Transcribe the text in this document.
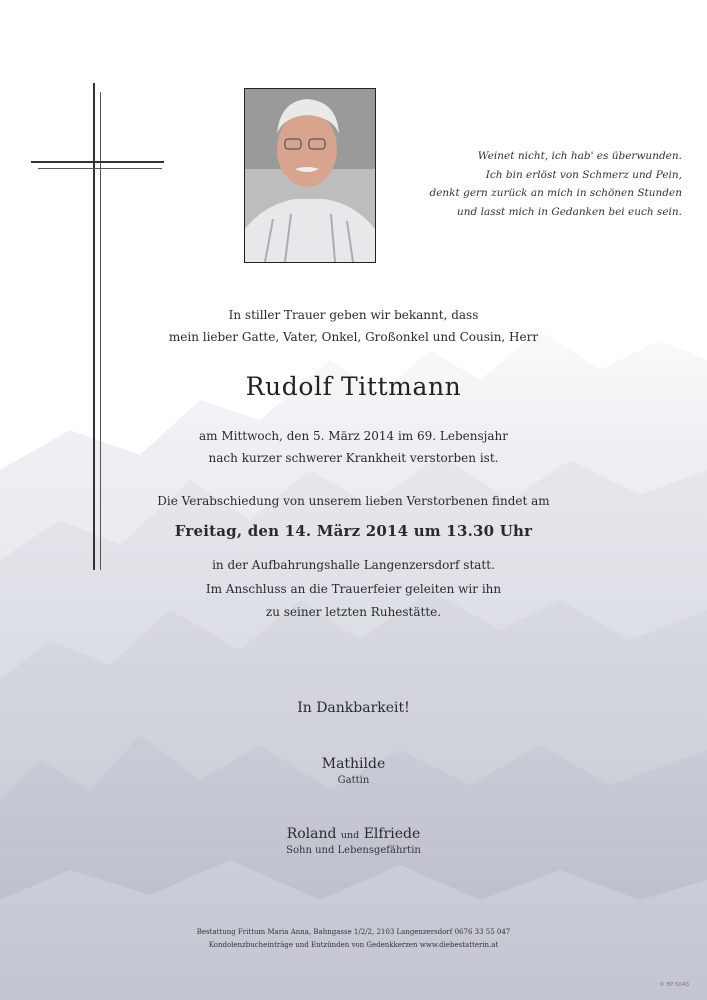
Weinet nicht, ich hab' es überwunden.
Ich bin erlöst von Schmerz und Pein,
denkt gern zurück an mich in schönen Stunden
und lasst mich in Gedanken bei euch sein.
In stiller Trauer geben wir bekannt, dass
mein lieber Gatte, Vater, Onkel, Großonkel und Cousin, Herr
Rudolf Tittmann
am Mittwoch, den 5. März 2014 im 69. Lebensjahr
nach kurzer schwerer Krankheit verstorben ist.
Die Verabschiedung von unserem lieben Verstorbenen findet am
Freitag, den 14. März 2014 um 13.30 Uhr
in der Aufbahrungshalle Langenzersdorf statt.
Im Anschluss an die Trauerfeier geleiten wir ihn
zu seiner letzten Ruhestätte.
In Dankbarkeit!
Mathilde
Gattin
Roland und Elfriede
Sohn und Lebensgefährtin
Bestattung Frittum Maria Anna, Bahngasse 1/2/2, 2103 Langenzersdorf 0676 33 55 047
Kondolenzbucheinträge und Entzünden von Gedenkkerzen www.diebestatterin.at
© EP 5043
